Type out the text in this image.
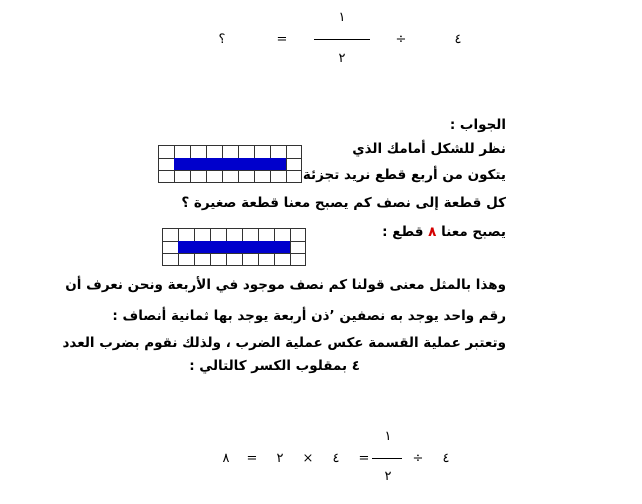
؟	=
١
٢
÷	٤
الجواب :
نظر للشكل أمامك الذي
يتكون من أربع قطع نريد تجزئة
كل قطعة إلى نصف كم يصبح معنا قطعة صغيرة ؟
يصبح معنا ٨ قطع :
وهذا بالمثل معنى قولنا كم نصف موجود في الأربعة ونحن نعرف أن
رقم واحد يوجد به نصفين ’ذن أربعة يوجد بها ثمانية أنصاف :
وتعتبر عملية القسمة عكس عملية الضرب ، ولذلك نقوم بضرب العدد
٤ بمقلوب الكسر كالتالي :
٨	=	٢	×	٤	=
١
٢
÷	٤
